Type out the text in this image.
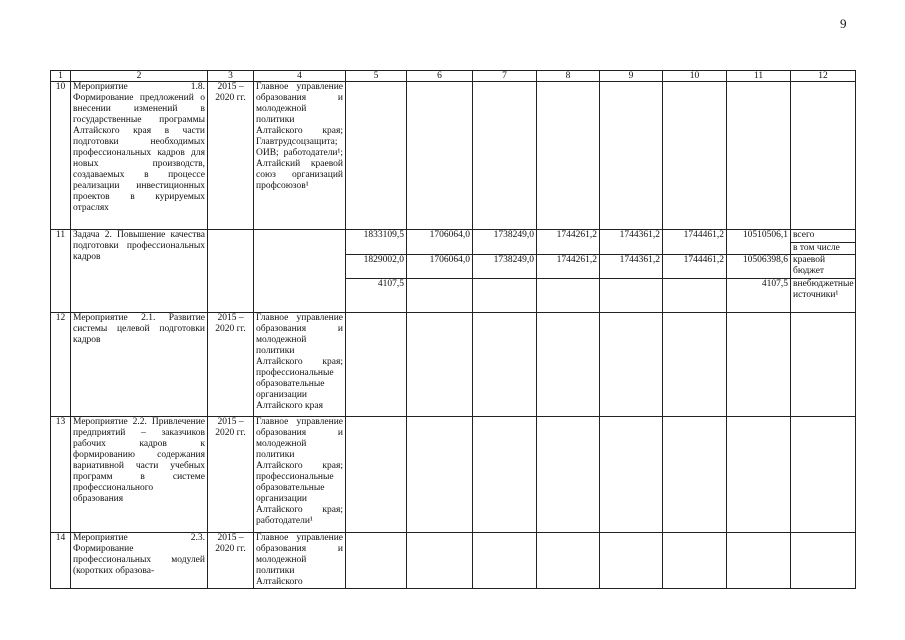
9
1	2	3	4	5	6	7	8	9	10	11	12
10	Мероприятие 1.8. Формирование предложений о внесении изменений в государственные программы Алтайского края в части подготовки необходимых профессиональных кадров для новых производств, создаваемых в процессе реализации инвестиционных проектов в курируемых отраслях	2015 – 2020 гг.	Главное управление образования и молодежной политики Алтайского края; Главтрудсоцзащита; ОИВ; работодатели¹; Алтайский краевой союз организаций профсоюзов¹								
11	Задача 2. Повышение качества подготовки профессиональных кадров			1833109,5	1706064,0	1738249,0	1744261,2	1744361,2	1744461,2	10510506,1	всего
											в том числе
				1829002,0	1706064,0	1738249,0	1744261,2	1744361,2	1744461,2	10506398,6	краевой бюджет
				4107,5						4107,5	внебюджетные источники¹
12	Мероприятие 2.1. Развитие системы целевой подготовки кадров	2015 – 2020 гг.	Главное управление образования и молодежной политики Алтайского края; профессиональные образовательные организации Алтайского края								
13	Мероприятие 2.2. Привлечение предприятий – заказчиков рабочих кадров к формированию содержания вариативной части учебных программ в системе профессионального образования	2015 – 2020 гг.	Главное управление образования и молодежной политики Алтайского края; профессиональные образовательные организации Алтайского края; работодатели¹								
14	Мероприятие 2.3. Формирование профессиональных модулей (коротких образова-	2015 – 2020 гг.	Главное управление образования и молодежной политики Алтайского								
